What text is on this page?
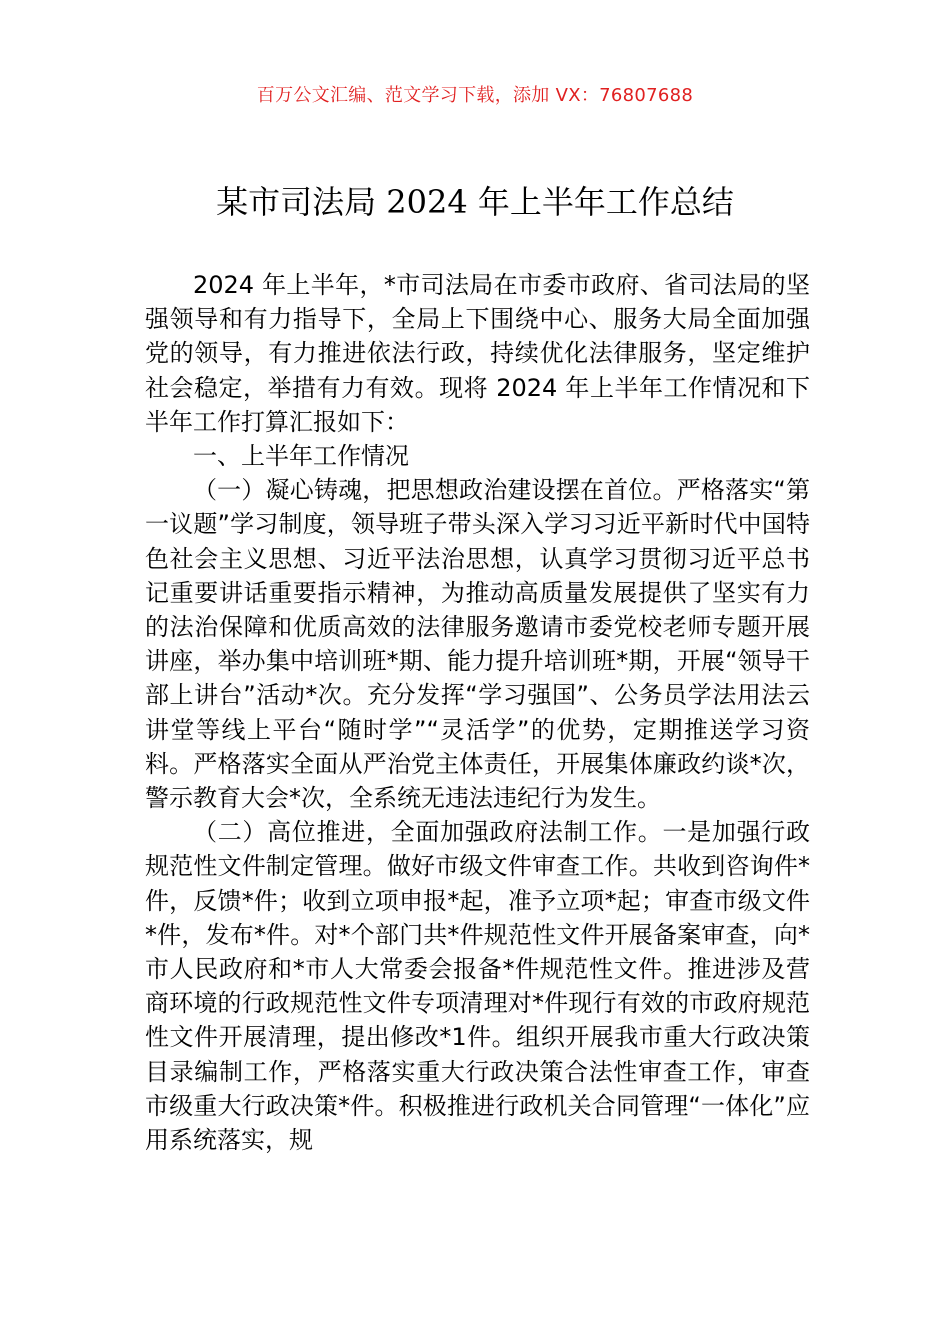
百万公文汇编、范文学习下载，添加 VX：76807688
某市司法局 2024 年上半年工作总结

2024 年上半年，*市司法局在市委市政府、省司法局的坚强领导和有力指导下，全局上下围绕中心、服务大局全面加强党的领导，有力推进依法行政，持续优化法律服务，坚定维护社会稳定，举措有力有效。现将 2024 年上半年工作情况和下半年工作打算汇报如下：

一、上半年工作情况

（一）凝心铸魂，把思想政治建设摆在首位。严格落实“第一议题”学习制度，领导班子带头深入学习习近平新时代中国特色社会主义思想、习近平法治思想，认真学习贯彻习近平总书记重要讲话重要指示精神，为推动高质量发展提供了坚实有力的法治保障和优质高效的法律服务邀请市委党校老师专题开展讲座，举办集中培训班*期、能力提升培训班*期，开展“领导干部上讲台”活动*次。充分发挥“学习强国”、公务员学法用法云讲堂等线上平台“随时学”“灵活学”的优势，定期推送学习资料。严格落实全面从严治党主体责任，开展集体廉政约谈*次，警示教育大会*次，全系统无违法违纪行为发生。

（二）高位推进，全面加强政府法制工作。一是加强行政规范性文件制定管理。做好市级文件审查工作。共收到咨询件*件，反馈*件；收到立项申报*起，准予立项*起；审查市级文件*件，发布*件。对*个部门共*件规范性文件开展备案审查，向*市人民政府和*市人大常委会报备*件规范性文件。推进涉及营商环境的行政规范性文件专项清理对*件现行有效的市政府规范性文件开展清理，提出修改*1件。组织开展我市重大行政决策目录编制工作，严格落实重大行政决策合法性审查工作，审查市级重大行政决策*件。积极推进行政机关合同管理“一体化”应用系统落实，规
